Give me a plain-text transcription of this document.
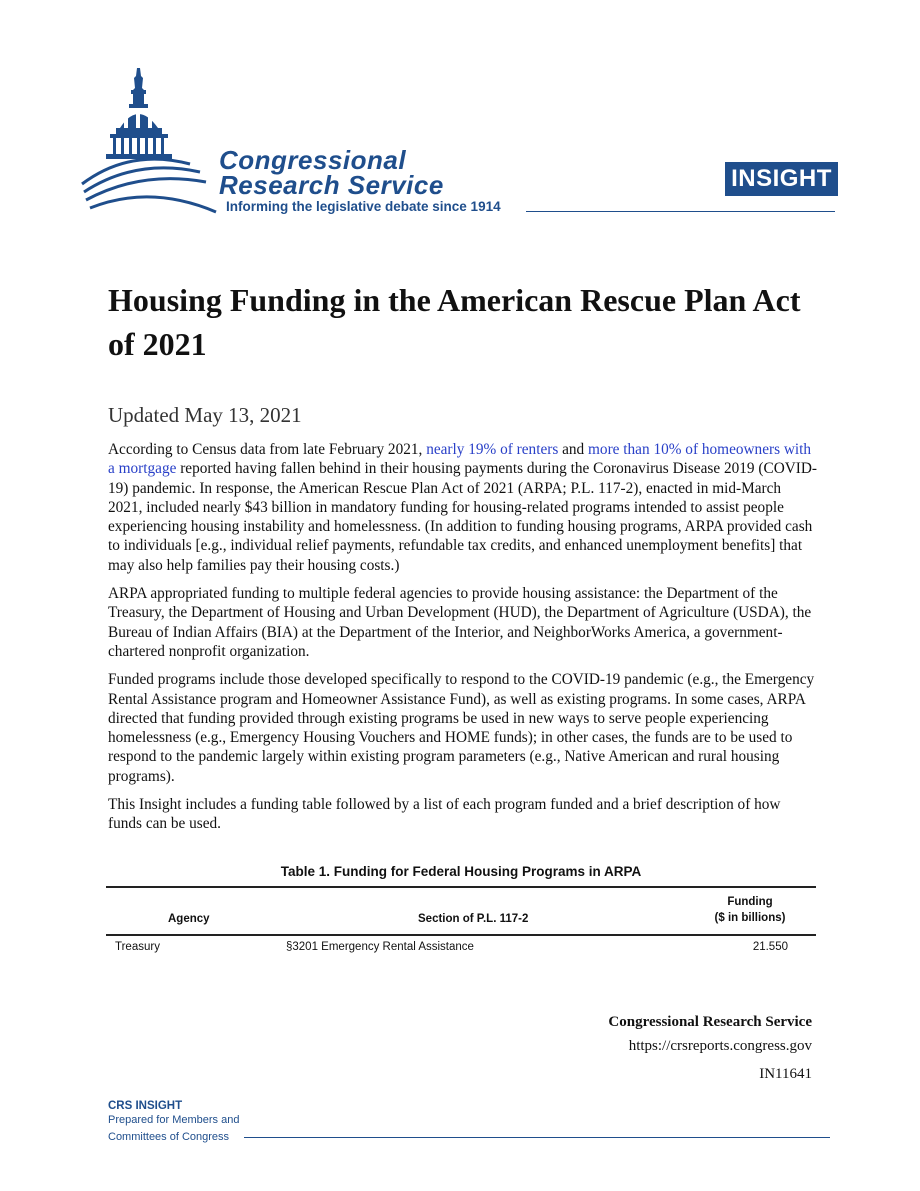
Congressional
Research Service
Informing the legislative debate since 1914
INSIGHT
Housing Funding in the American Rescue Plan Act of 2021
Updated May 13, 2021

According to Census data from late February 2021, nearly 19% of renters and more than 10% of homeowners with a mortgage reported having fallen behind in their housing payments during the Coronavirus Disease 2019 (COVID-19) pandemic. In response, the American Rescue Plan Act of 2021 (ARPA; P.L. 117-2), enacted in mid-March 2021, included nearly $43 billion in mandatory funding for housing-related programs intended to assist people experiencing housing instability and homelessness. (In addition to funding housing programs, ARPA provided cash to individuals [e.g., individual relief payments, refundable tax credits, and enhanced unemployment benefits] that may also help families pay their housing costs.)

ARPA appropriated funding to multiple federal agencies to provide housing assistance: the Department of the Treasury, the Department of Housing and Urban Development (HUD), the Department of Agriculture (USDA), the Bureau of Indian Affairs (BIA) at the Department of the Interior, and NeighborWorks America, a government-chartered nonprofit organization.

Funded programs include those developed specifically to respond to the COVID-19 pandemic (e.g., the Emergency Rental Assistance program and Homeowner Assistance Fund), as well as existing programs. In some cases, ARPA directed that funding provided through existing programs be used in new ways to serve people experiencing homelessness (e.g., Emergency Housing Vouchers and HOME funds); in other cases, the funds are to be used to respond to the pandemic largely within existing program parameters (e.g., Native American and rural housing programs).

This Insight includes a funding table followed by a list of each program funded and a brief description of how funds can be used.

Table 1. Funding for Federal Housing Programs in ARPA
Funding
Agency	Section of P.L. 117-2	($ in billions)
Treasury	§3201 Emergency Rental Assistance	21.550
Congressional Research Service
https://crsreports.congress.gov
IN11641
CRS INSIGHT
Prepared for Members and
Committees of Congress
